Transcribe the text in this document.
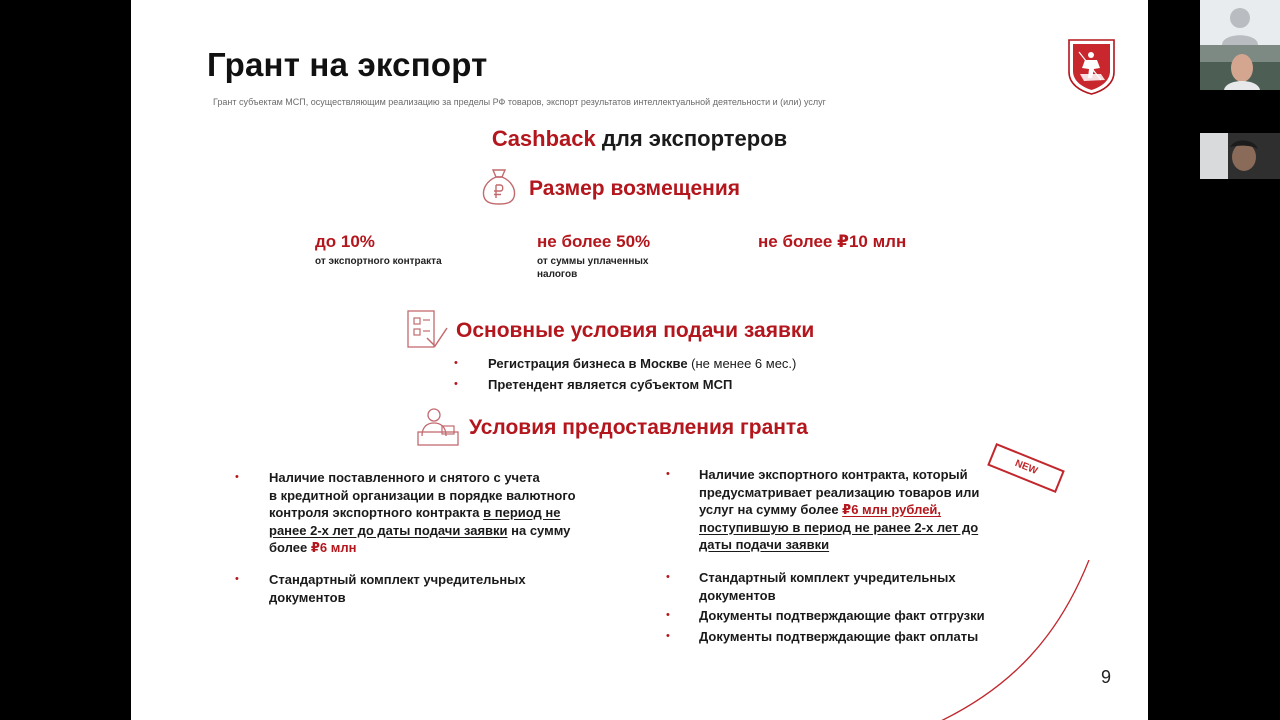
Грант на экспорт
Грант субъектам МСП, осуществляющим реализацию за пределы РФ товаров, экспорт результатов интеллектуальной деятельности и (или) услуг
Cashback для экспортеров
Размер возмещения
до 10%
от экспортного контракта
не более 50%
от суммы уплаченных налогов
не более ₽10 млн
Основные условия подачи заявки
• Регистрация бизнеса в Москве (не менее 6 мес.)
• Претендент является субъектом МСП
Условия предоставления гранта
• Наличие поставленного и снятого с учета
в кредитной организации в порядке валютного
контроля экспортного контракта в период не
ранее 2-х лет до даты подачи заявки на сумму
более ₽6 млн
• Стандартный комплект учредительных
документов
NEW
• Наличие экспортного контракта, который
предусматривает реализацию товаров или
услуг на сумму более ₽6 млн рублей,
поступившую в период не ранее 2-х лет до
даты подачи заявки
• Стандартный комплект учредительных
документов
• Документы подтверждающие факт отгрузки
• Документы подтверждающие факт оплаты
9
